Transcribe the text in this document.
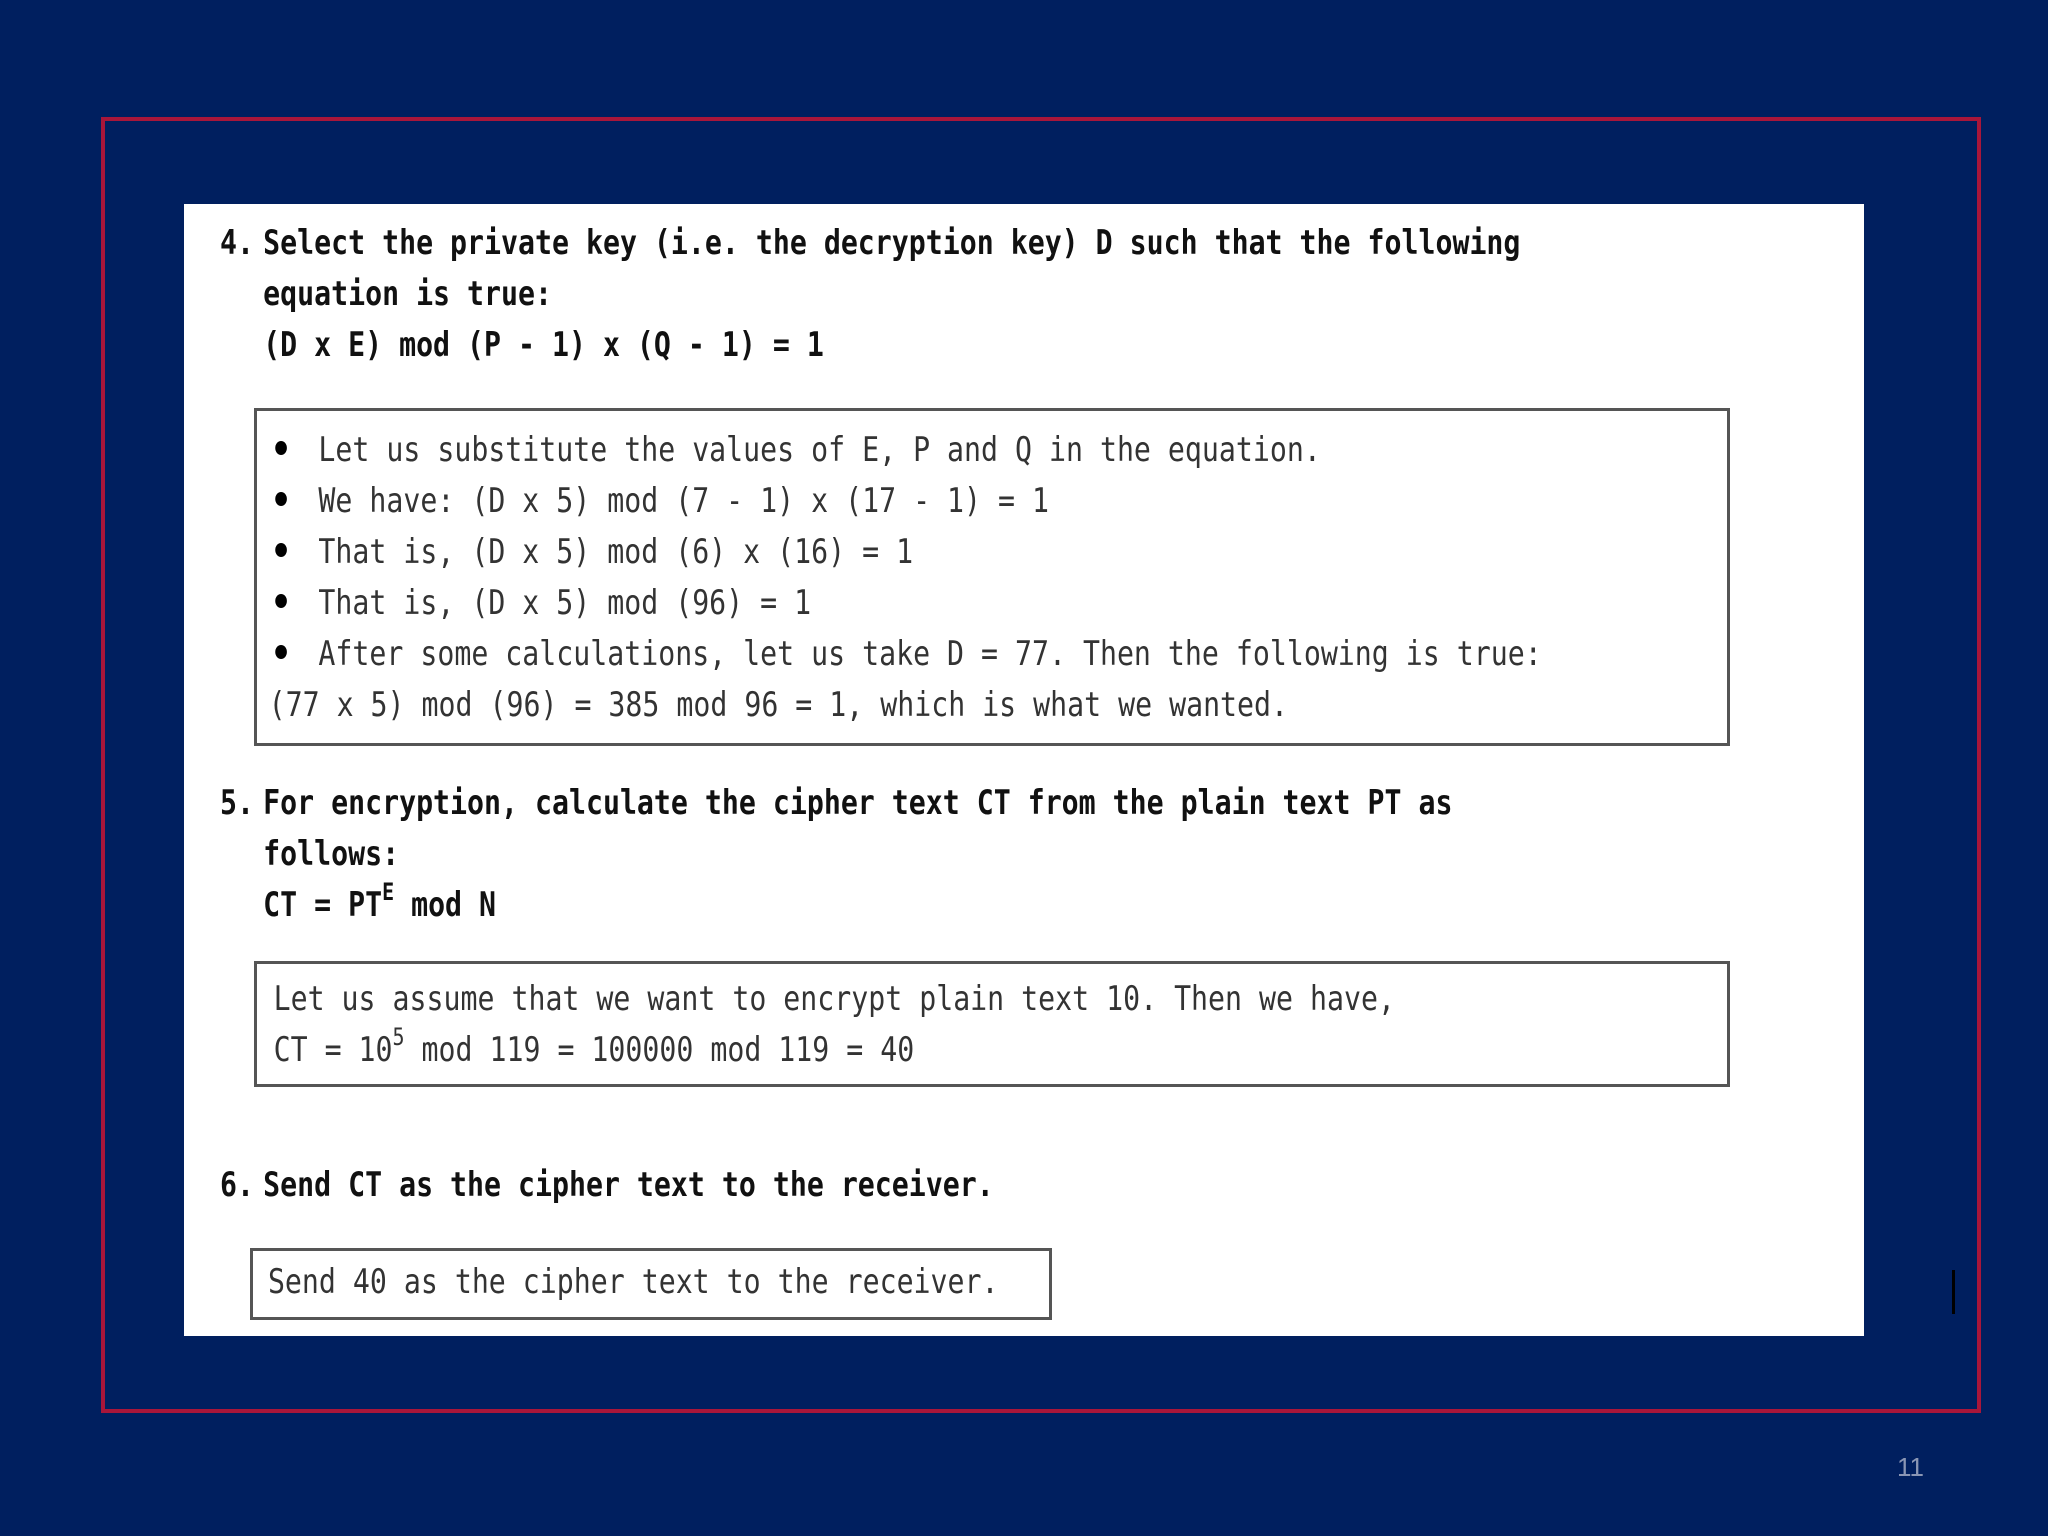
4. Select the private key (i.e. the decryption key) D such that the following
equation is true:
(D x E) mod (P - 1) x (Q - 1) = 1
Let us substitute the values of E, P and Q in the equation.
We have: (D x 5) mod (7 - 1) x (17 - 1) = 1
That is, (D x 5) mod (6) x (16) = 1
That is, (D x 5) mod (96) = 1
After some calculations, let us take D = 77. Then the following is true:
(77 x 5) mod (96) = 385 mod 96 = 1, which is what we wanted.
5. For encryption, calculate the cipher text CT from the plain text PT as
follows:
CT = $PT^E$ mod N
Let us assume that we want to encrypt plain text 10. Then we have,
CT = $10^5$ mod 119 = 100000 mod 119 = 40
6. Send CT as the cipher text to the receiver.
Send 40 as the cipher text to the receiver.
11
